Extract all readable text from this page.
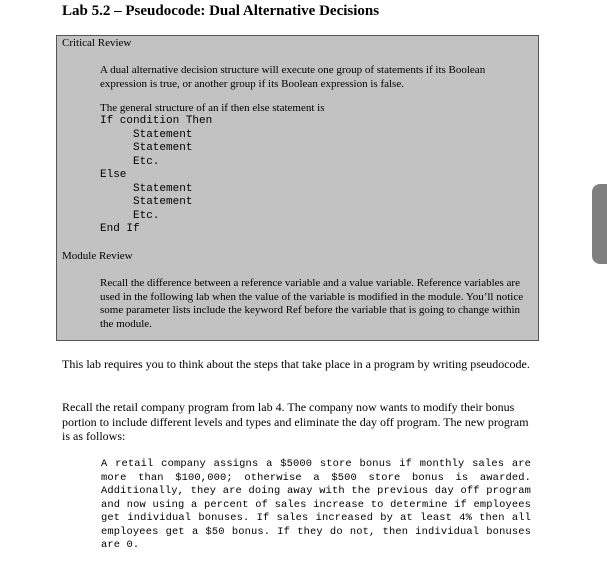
Lab 5.2 – Pseudocode: Dual Alternative Decisions
Critical Review

A dual alternative decision structure will execute one group of statements if its Boolean expression is true, or another group if its Boolean expression is false.

The general structure of an if then else statement is

If condition Then
Statement
Statement
Etc.
Else
Statement
Statement
Etc.
End If
Module Review

Recall the difference between a reference variable and a value variable. Reference variables are used in the following lab when the value of the variable is modified in the module. You’ll notice some parameter lists include the keyword Ref before the variable that is going to change within the module.

This lab requires you to think about the steps that take place in a program by writing pseudocode.

Recall the retail company program from lab 4. The company now wants to modify their bonus portion to include different levels and types and eliminate the day off program. The new program is as follows:

A retail company assigns a $5000 store bonus if monthly sales are more than $100,000; otherwise a $500 store bonus is awarded. Additionally, they are doing away with the previous day off program and now using a percent of sales increase to determine if employees get individual bonuses. If sales increased by at least 4% then all employees get a $50 bonus. If they do not, then individual bonuses are 0.
